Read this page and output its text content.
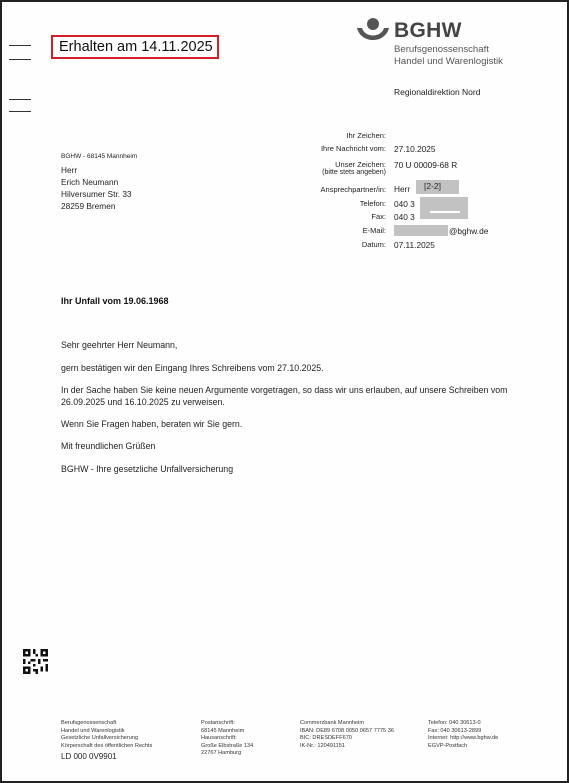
Erhalten am 14.11.2025
BGHW
Berufsgenossenschaft
Handel und Warenlogistik
Regionaldirektion Nord
BGHW - 68145 Mannheim
Herr
Erich Neumann
Hilversumer Str. 33
28259 Bremen
Ihr Zeichen:
Ihre Nachricht vom:
Unser Zeichen:
(bitte stets angeben)
Ansprechpartner/in:
Telefon:
Fax:
E-Mail:
Datum:
27.10.2025
70 U 00009-68 R
Herr [2-2]
040 3
040 3
@bghw.de
07.11.2025
Ihr Unfall vom 19.06.1968
Sehr geehrter Herr Neumann,
gern bestätigen wir den Eingang Ihres Schreibens vom 27.10.2025.
In der Sache haben Sie keine neuen Argumente vorgetragen, so dass wir uns erlauben, auf unsere Schreiben vom 26.09.2025 und 16.10.2025 zu verweisen.
Wenn Sie Fragen haben, beraten wir Sie gern.
Mit freundlichen Grüßen
BGHW - Ihre gesetzliche Unfallversicherung
Berufsgenossenschaft
Handel und Warenlogistik
Gesetzliche Unfallversicherung
Körperschaft des öffentlichen Rechts
LD 000 0V9901
Postanschrift:
68145 Mannheim
Hausanschrift:
Große Elbstraße 134
22767 Hamburg
Commerzbank Mannheim
IBAN: DE89 6708 0050 0657 7775 36
BIC: DRESDEFF670
IK-Nr.: 120491151
Telefon: 040 30613-0
Fax: 040 30613-2899
Internet: http://www.bghw.de
EGVP-Postfach
